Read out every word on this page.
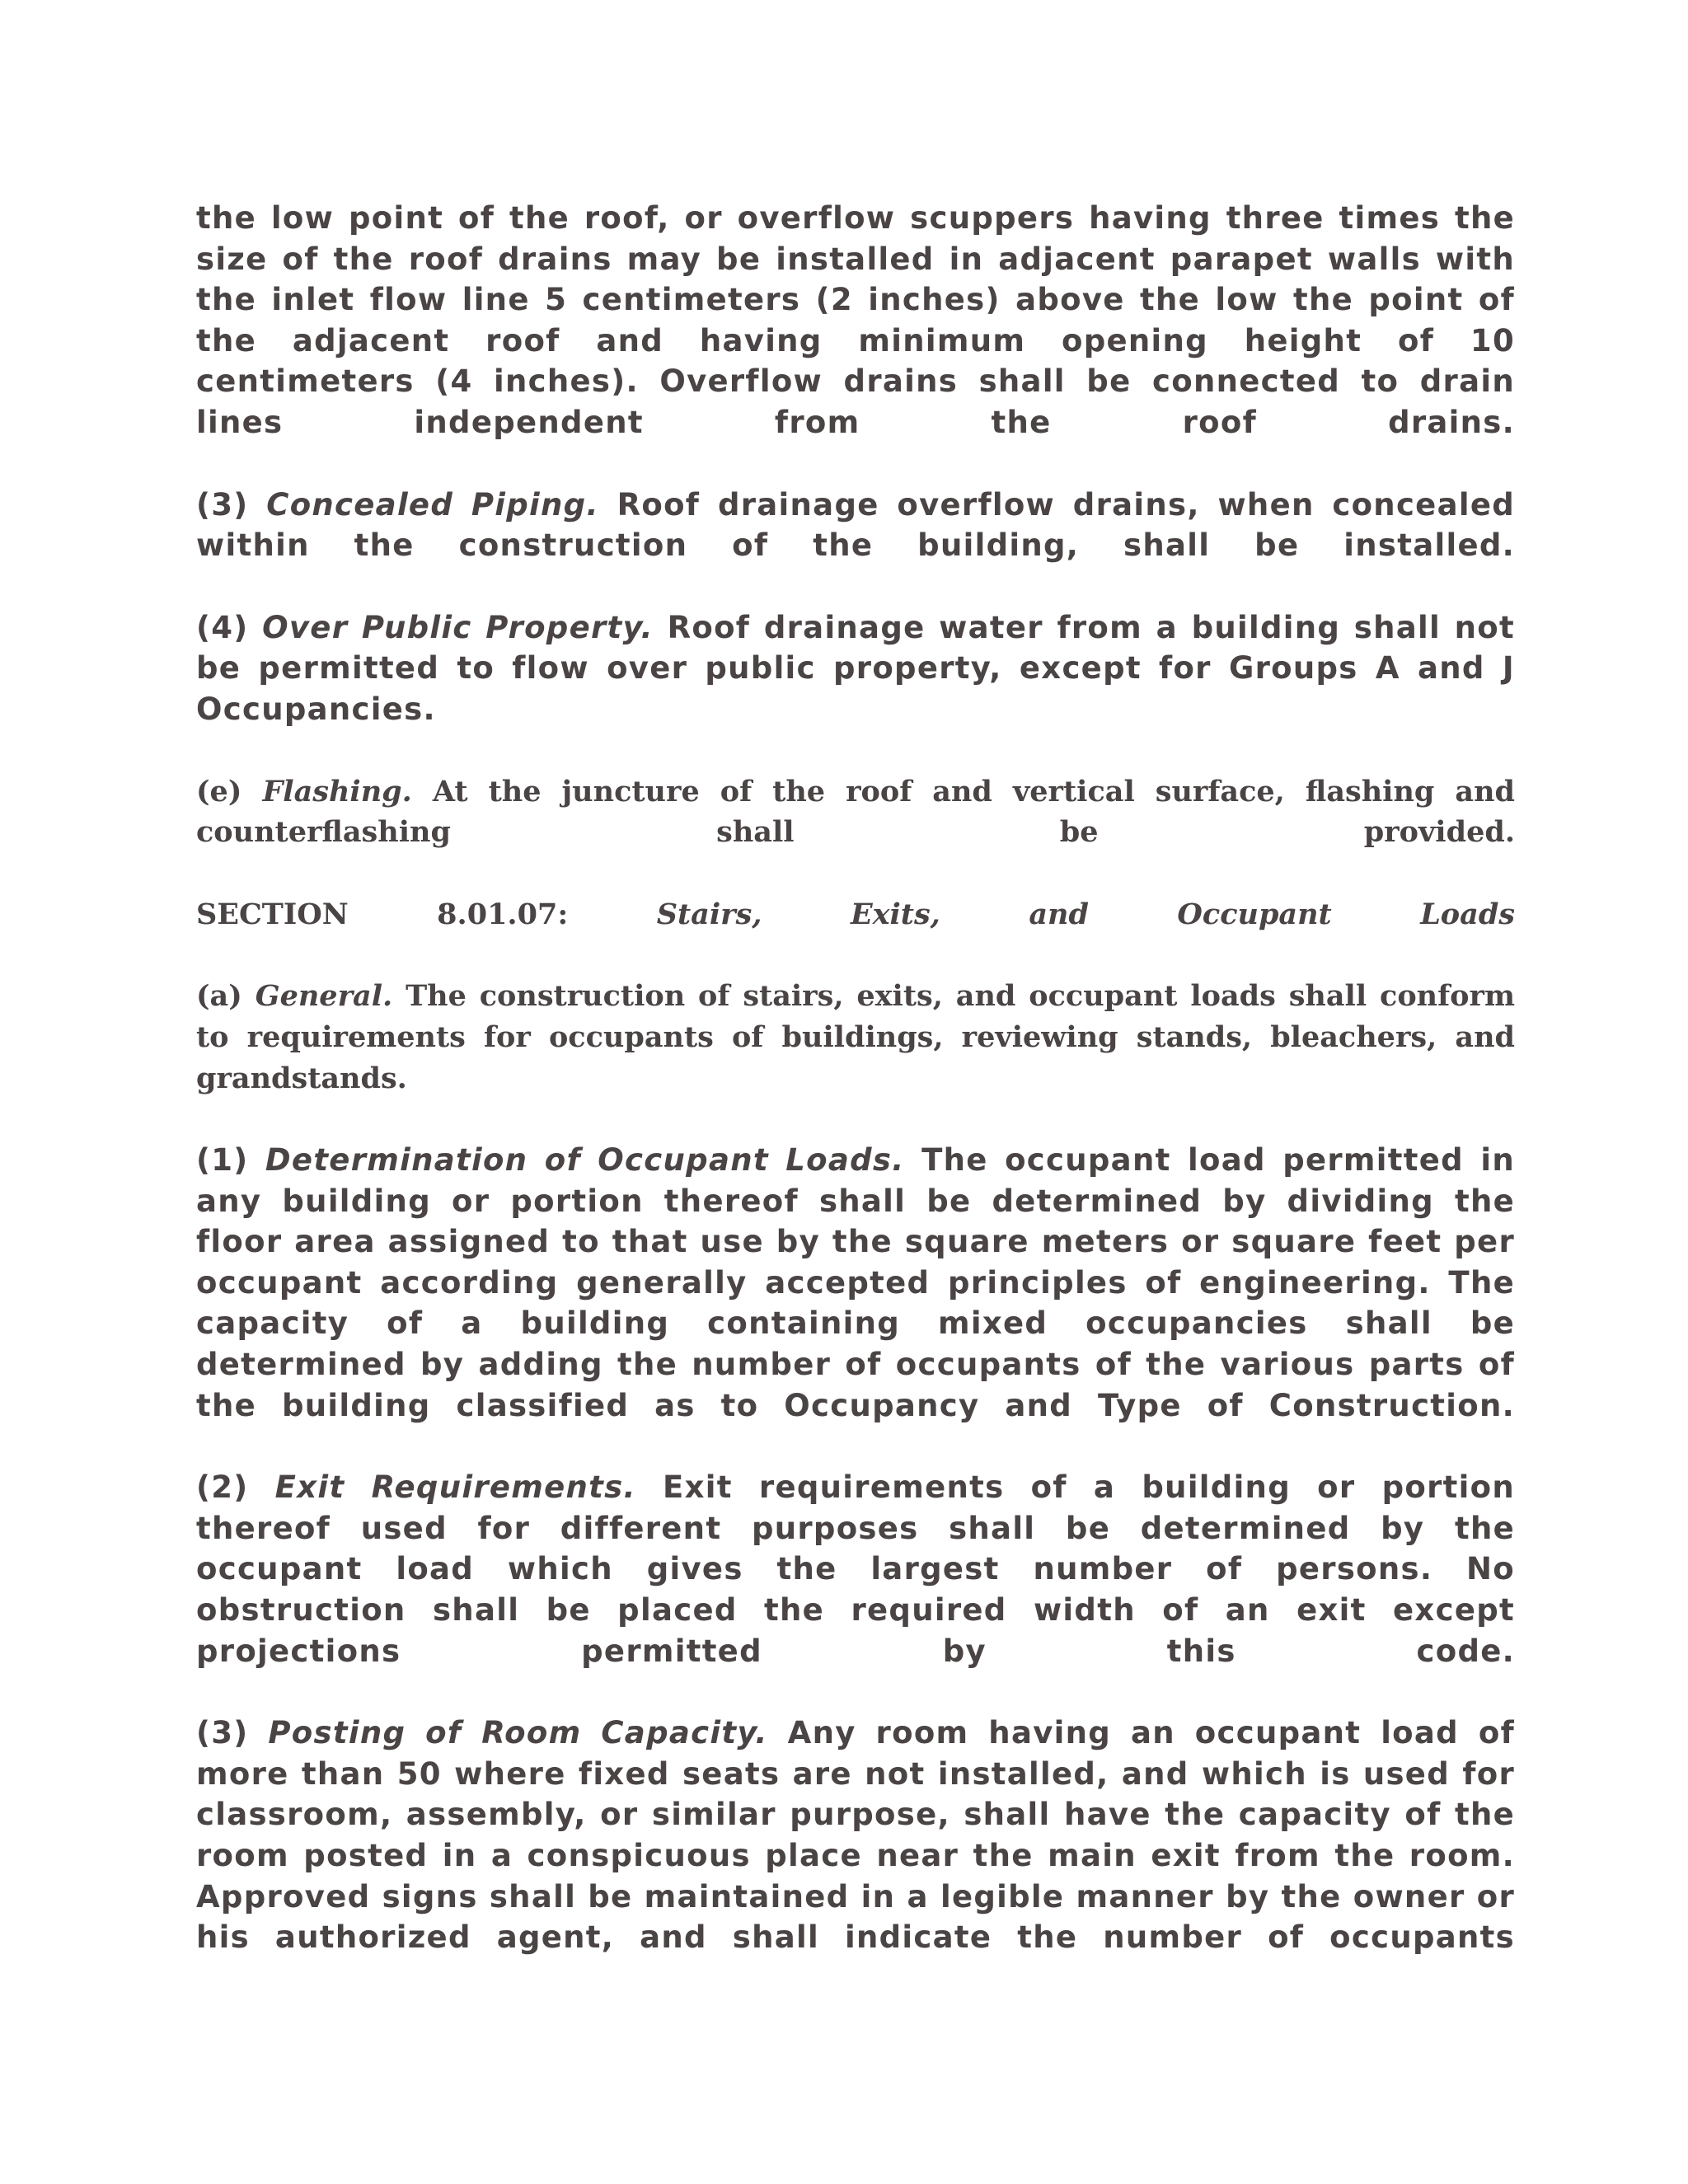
the low point of the roof, or overflow scuppers having three times the size of the roof drains may be installed in adjacent parapet walls with the inlet flow line 5 centimeters (2 inches) above the low the point of the adjacent roof and having minimum opening height of 10 centimeters (4 inches). Overflow drains shall be connected to drain lines independent from the roof drains.

(3) Concealed Piping. Roof drainage overflow drains, when concealed within the construction of the building, shall be installed.

(4) Over Public Property. Roof drainage water from a building shall not be permitted to flow over public property, except for Groups A and J Occupancies.

(e) Flashing. At the juncture of the roof and vertical surface, flashing and counterflashing shall be provided.

SECTION 8.01.07:	Stairs, Exits, and Occupant Loads

(a) General. The construction of stairs, exits, and occupant loads shall conform to requirements for occupants of buildings, reviewing stands, bleachers, and grandstands.

(1) Determination of Occupant Loads. The occupant load permitted in any building or portion thereof shall be determined by dividing the floor area assigned to that use by the square meters or square feet per occupant according generally accepted principles of engineering. The capacity of a building containing mixed occupancies shall be determined by adding the number of occupants of the various parts of the building classified as to Occupancy and Type of Construction.

(2) Exit Requirements. Exit requirements of a building or portion thereof used for different purposes shall be determined by the occupant load which gives the largest number of persons. No obstruction shall be placed the required width of an exit except projections permitted by this code.

(3) Posting of Room Capacity. Any room having an occupant load of more than 50 where fixed seats are not installed, and which is used for classroom, assembly, or similar purpose, shall have the capacity of the room posted in a conspicuous place near the main exit from the room. Approved signs shall be maintained in a legible manner by the owner or his authorized agent, and shall indicate the number of occupants
